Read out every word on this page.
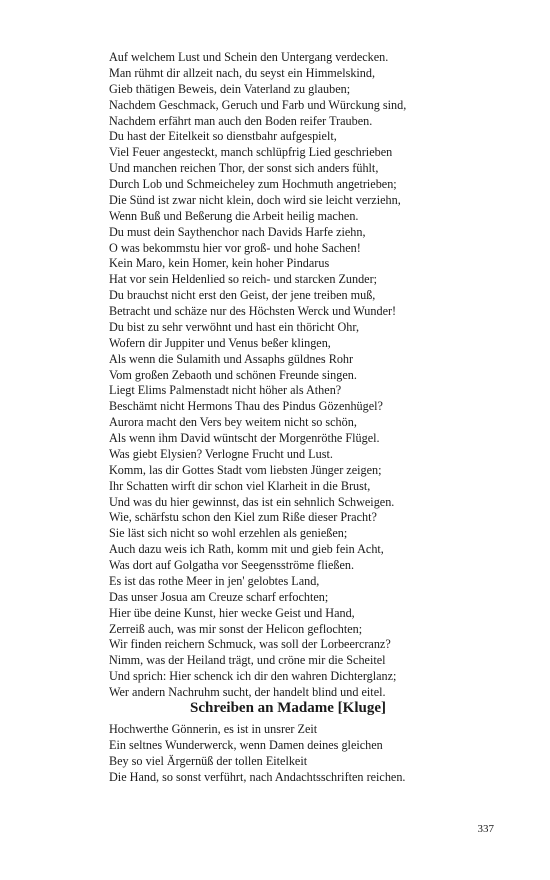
Auf welchem Lust und Schein den Untergang verdecken.
Man rühmt dir allzeit nach, du seyst ein Himmelskind,
Gieb thätigen Beweis, dein Vaterland zu glauben;
Nachdem Geschmack, Geruch und Farb und Würckung sind,
Nachdem erfährt man auch den Boden reifer Trauben.
Du hast der Eitelkeit so dienstbahr aufgespielt,
Viel Feuer angesteckt, manch schlüpfrig Lied geschrieben
Und manchen reichen Thor, der sonst sich anders fühlt,
Durch Lob und Schmeicheley zum Hochmuth angetrieben;
Die Sünd ist zwar nicht klein, doch wird sie leicht verziehn,
Wenn Buß und Beßerung die Arbeit heilig machen.
Du must dein Saythenchor nach Davids Harfe ziehn,
O was bekommstu hier vor groß- und hohe Sachen!
Kein Maro, kein Homer, kein hoher Pindarus
Hat vor sein Heldenlied so reich- und starcken Zunder;
Du brauchst nicht erst den Geist, der jene treiben muß,
Betracht und schäze nur des Höchsten Werck und Wunder!
Du bist zu sehr verwöhnt und hast ein thöricht Ohr,
Wofern dir Juppiter und Venus beßer klingen,
Als wenn die Sulamith und Assaphs güldnes Rohr
Vom großen Zebaoth und schönen Freunde singen.
Liegt Elims Palmenstadt nicht höher als Athen?
Beschämt nicht Hermons Thau des Pindus Gözenhügel?
Aurora macht den Vers bey weitem nicht so schön,
Als wenn ihm David wüntscht der Morgenröthe Flügel.
Was giebt Elysien? Verlogne Frucht und Lust.
Komm, las dir Gottes Stadt vom liebsten Jünger zeigen;
Ihr Schatten wirft dir schon viel Klarheit in die Brust,
Und was du hier gewinnst, das ist ein sehnlich Schweigen.
Wie, schärfstu schon den Kiel zum Riße dieser Pracht?
Sie läst sich nicht so wohl erzehlen als genießen;
Auch dazu weis ich Rath, komm mit und gieb fein Acht,
Was dort auf Golgatha vor Seegensströme fließen.
Es ist das rothe Meer in jen' gelobtes Land,
Das unser Josua am Creuze scharf erfochten;
Hier übe deine Kunst, hier wecke Geist und Hand,
Zerreiß auch, was mir sonst der Helicon geflochten;
Wir finden reichern Schmuck, was soll der Lorbeercranz?
Nimm, was der Heiland trägt, und cröne mir die Scheitel
Und sprich: Hier schenck ich dir den wahren Dichterglanz;
Wer andern Nachruhm sucht, der handelt blind und eitel.
Schreiben an Madame [Kluge]
Hochwerthe Gönnerin, es ist in unsrer Zeit
Ein seltnes Wunderwerck, wenn Damen deines gleichen
Bey so viel Ärgernüß der tollen Eitelkeit
Die Hand, so sonst verführt, nach Andachtsschriften reichen.
337
